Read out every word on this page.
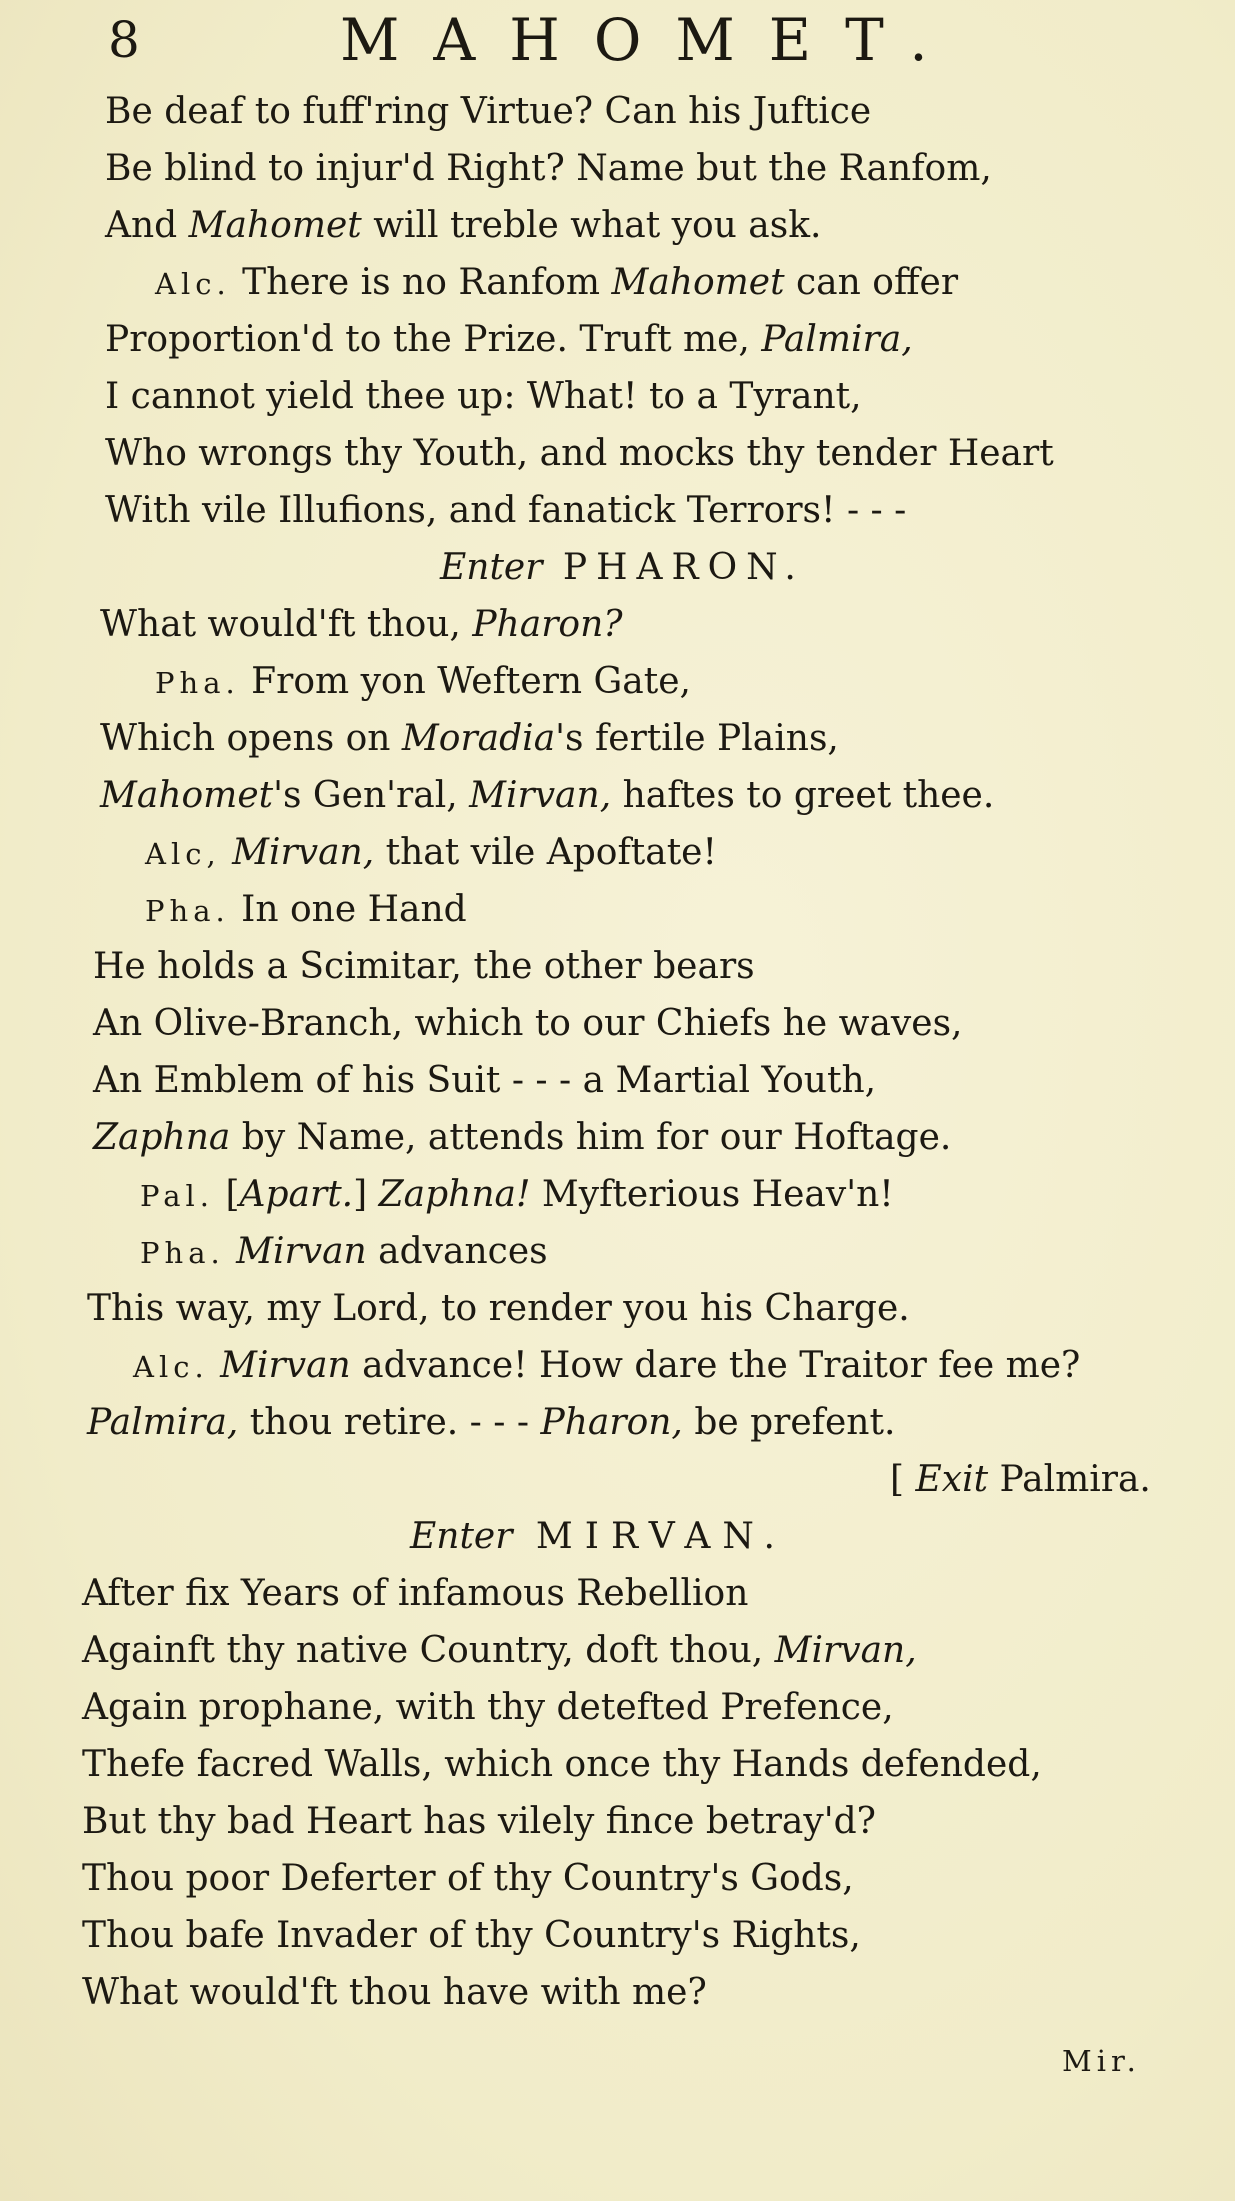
8	MAHOMET.
Be deaf to fuff'ring Virtue? Can his Juftice
Be blind to injur'd Right? Name but the Ranfom,
And Mahomet will treble what you ask.
Alc. There is no Ranfom Mahomet can offer
Proportion'd to the Prize. Truft me, Palmira,
I cannot yield thee up: What! to a Tyrant,
Who wrongs thy Youth, and mocks thy tender Heart
With vile Illufions, and fanatick Terrors! - - -
Enter PHARON.
What would'ft thou, Pharon?
Pha. From yon Weftern Gate,
Which opens on Moradia's fertile Plains,
Mahomet's Gen'ral, Mirvan, haftes to greet thee.
Alc, Mirvan, that vile Apoftate!
Pha. In one Hand
He holds a Scimitar, the other bears
An Olive-Branch, which to our Chiefs he waves,
An Emblem of his Suit - - - a Martial Youth,
Zaphna by Name, attends him for our Hoftage.
Pal. [Apart.] Zaphna! Myfterious Heav'n!
Pha. Mirvan advances
This way, my Lord, to render you his Charge.
Alc. Mirvan advance! How dare the Traitor fee me?
Palmira, thou retire. - - - Pharon, be prefent.
[ Exit Palmira.
Enter MIRVAN.
After fix Years of infamous Rebellion
Againft thy native Country, doft thou, Mirvan,
Again prophane, with thy detefted Prefence,
Thefe facred Walls, which once thy Hands defended,
But thy bad Heart has vilely fince betray'd?
Thou poor Deferter of thy Country's Gods,
Thou bafe Invader of thy Country's Rights,
What would'ft thou have with me?
Mir.
